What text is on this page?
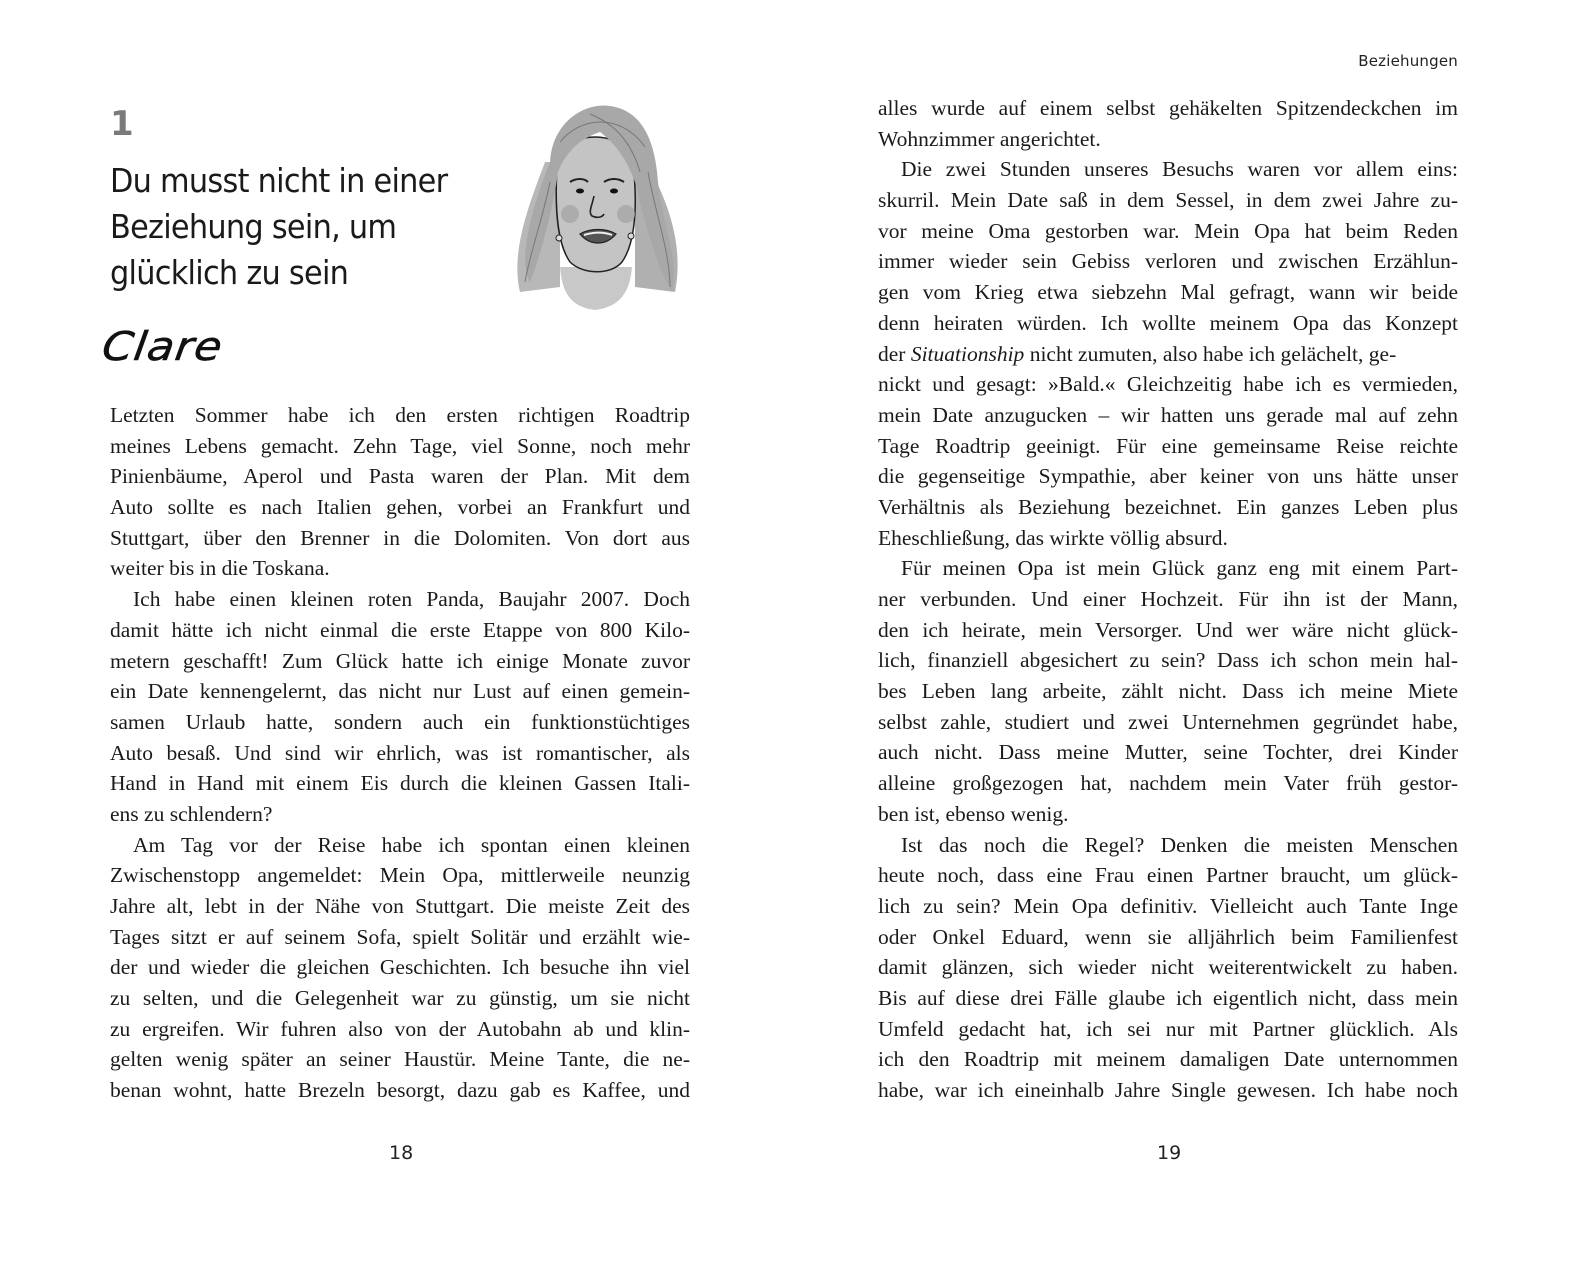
1
Du musst nicht in einer
Beziehung sein, um
glücklich zu sein
Clare
Letzten Sommer habe ich den ersten richtigen Roadtrip
meines Lebens gemacht. Zehn Tage, viel Sonne, noch mehr
Pinienbäume, Aperol und Pasta waren der Plan. Mit dem
Auto sollte es nach Italien gehen, vorbei an Frankfurt und
Stuttgart, über den Brenner in die Dolomiten. Von dort aus
weiter bis in die Toskana.
Ich habe einen kleinen roten Panda, Baujahr 2007. Doch
damit hätte ich nicht einmal die erste Etappe von 800 Kilo-
metern geschafft! Zum Glück hatte ich einige Monate zuvor
ein Date kennengelernt, das nicht nur Lust auf einen gemein-
samen Urlaub hatte, sondern auch ein funktionstüchtiges
Auto besaß. Und sind wir ehrlich, was ist romantischer, als
Hand in Hand mit einem Eis durch die kleinen Gassen Itali-
ens zu schlendern?
Am Tag vor der Reise habe ich spontan einen kleinen
Zwischenstopp angemeldet: Mein Opa, mittlerweile neunzig
Jahre alt, lebt in der Nähe von Stuttgart. Die meiste Zeit des
Tages sitzt er auf seinem Sofa, spielt Solitär und erzählt wie-
der und wieder die gleichen Geschichten. Ich besuche ihn viel
zu selten, und die Gelegenheit war zu günstig, um sie nicht
zu ergreifen. Wir fuhren also von der Autobahn ab und klin-
gelten wenig später an seiner Haustür. Meine Tante, die ne-
benan wohnt, hatte Brezeln besorgt, dazu gab es Kaffee, und
18
Beziehungen
alles wurde auf einem selbst gehäkelten Spitzendeckchen im
Wohnzimmer angerichtet.
Die zwei Stunden unseres Besuchs waren vor allem eins:
skurril. Mein Date saß in dem Sessel, in dem zwei Jahre zu-
vor meine Oma gestorben war. Mein Opa hat beim Reden
immer wieder sein Gebiss verloren und zwischen Erzählun-
gen vom Krieg etwa siebzehn Mal gefragt, wann wir beide
denn heiraten würden. Ich wollte meinem Opa das Konzept
der Situationship nicht zumuten, also habe ich gelächelt, ge-
nickt und gesagt: »Bald.« Gleichzeitig habe ich es vermieden,
mein Date anzugucken – wir hatten uns gerade mal auf zehn
Tage Roadtrip geeinigt. Für eine gemeinsame Reise reichte
die gegenseitige Sympathie, aber keiner von uns hätte unser
Verhältnis als Beziehung bezeichnet. Ein ganzes Leben plus
Eheschließung, das wirkte völlig absurd.
Für meinen Opa ist mein Glück ganz eng mit einem Part-
ner verbunden. Und einer Hochzeit. Für ihn ist der Mann,
den ich heirate, mein Versorger. Und wer wäre nicht glück-
lich, finanziell abgesichert zu sein? Dass ich schon mein hal-
bes Leben lang arbeite, zählt nicht. Dass ich meine Miete
selbst zahle, studiert und zwei Unternehmen gegründet habe,
auch nicht. Dass meine Mutter, seine Tochter, drei Kinder
alleine großgezogen hat, nachdem mein Vater früh gestor-
ben ist, ebenso wenig.
Ist das noch die Regel? Denken die meisten Menschen
heute noch, dass eine Frau einen Partner braucht, um glück-
lich zu sein? Mein Opa definitiv. Vielleicht auch Tante Inge
oder Onkel Eduard, wenn sie alljährlich beim Familienfest
damit glänzen, sich wieder nicht weiterentwickelt zu haben.
Bis auf diese drei Fälle glaube ich eigentlich nicht, dass mein
Umfeld gedacht hat, ich sei nur mit Partner glücklich. Als
ich den Roadtrip mit meinem damaligen Date unternommen
habe, war ich eineinhalb Jahre Single gewesen. Ich habe noch
19
